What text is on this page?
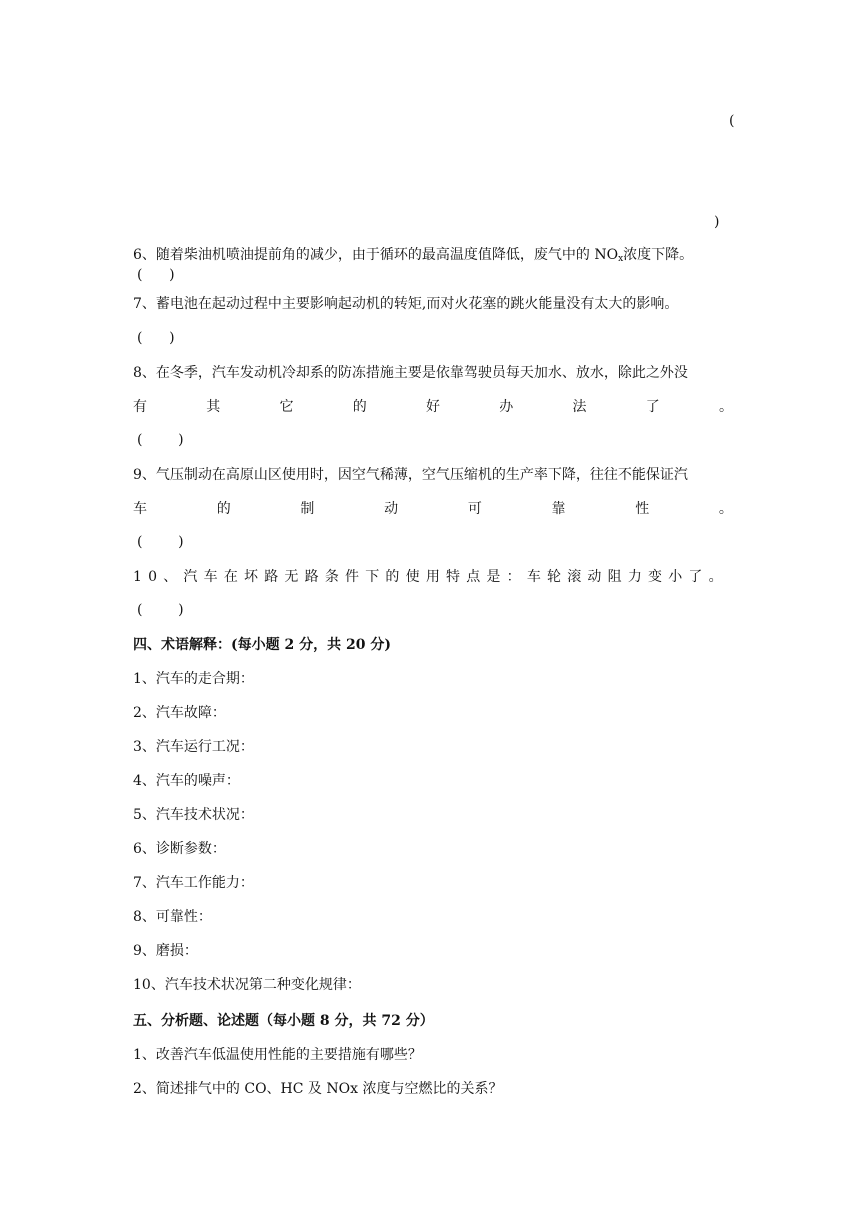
(
)
6、随着柴油机喷油提前角的减少，由于循环的最高温度值降低，废气中的 $NO_x$浓度下降。
(      )
7、蓄电池在起动过程中主要影响起动机的转矩,而对火花塞的跳火能量没有太大的影响。
(      )
8、在冬季，汽车发动机冷却系的防冻措施主要是依靠驾驶员每天加水、放水，除此之外没
有	其	它	的	好	办	法	了	。
(        )
9、气压制动在高原山区使用时，因空气稀薄，空气压缩机的生产率下降，往往不能保证汽
车	的	制	动	可	靠	性	。
(        )
10、汽车在坏路无路条件下的使用特点是：车轮滚动阻力变小了。
(        )
四、术语解释：(每小题 2 分，共 20 分)
1、汽车的走合期：
2、汽车故障：
3、汽车运行工况：
4、汽车的噪声：
5、汽车技术状况：
6、诊断参数：
7、汽车工作能力：
8、可靠性：
9、磨损：
10、汽车技术状况第二种变化规律：
五、分析题、论述题（每小题 8 分，共 72 分）
1、改善汽车低温使用性能的主要措施有哪些？
2、简述排气中的 CO、HC 及 NOx 浓度与空燃比的关系？
